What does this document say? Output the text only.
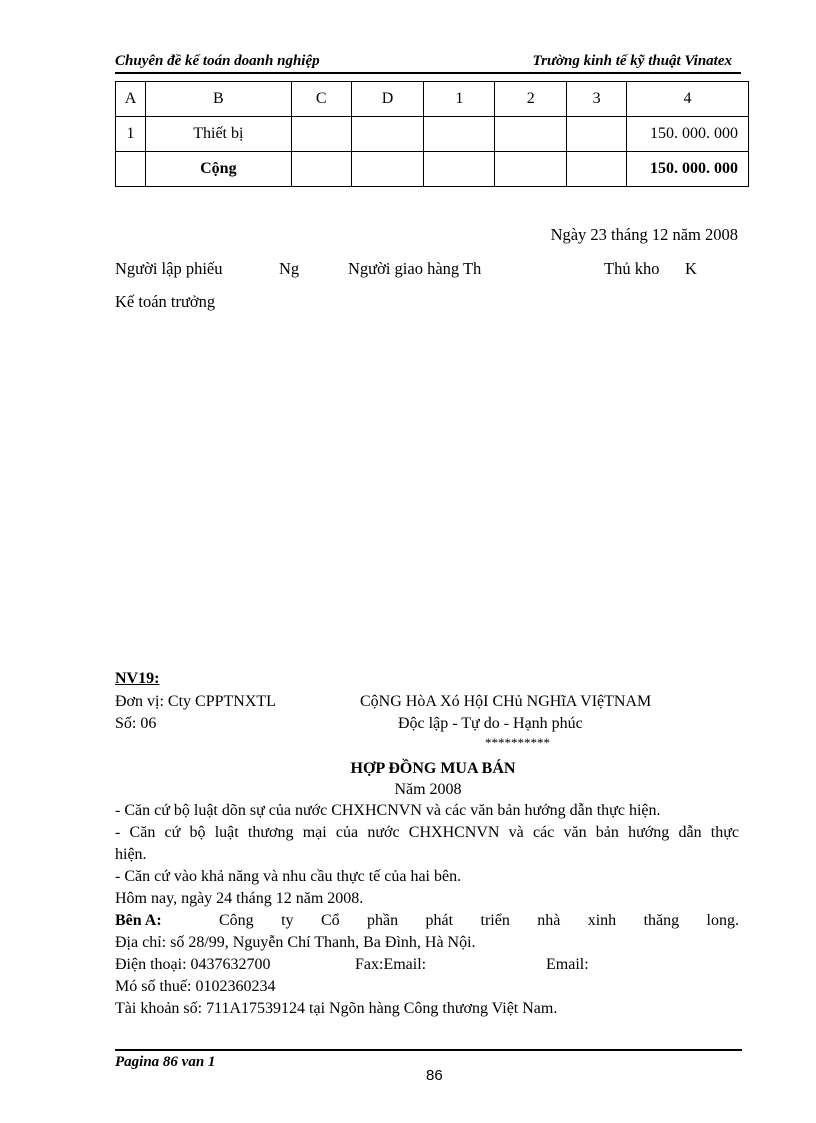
Chuyên đề kế toán doanh nghiệp	Trường kinh tế kỹ thuật Vinatex
A	B	C	D	1	2	3	4
1	Thiết bị						150. 000. 000
	Cộng						150. 000. 000
Ngày 23 tháng 12 năm 2008
Người lập phiếu	Ng	Người giao hàng Th	Thủ kho K
Kế toán trưởng
NV19:
Đơn vị: Cty CPPTNXTL	CộNG HòA Xó HộI CHủ NGHĩA VIệTNAM
Số: 06	Độc lập - Tự do - Hạnh phúc
**********
HỢP ĐỒNG MUA BÁN
Năm 2008
- Căn cứ bộ luật dõn sự của nước CHXHCNVN và các văn bản hướng dẫn thực hiện.
- Căn cứ bộ luật thương mại của nước CHXHCNVN và các văn bản hướng dẫn thực
hiện.
- Căn cứ vào khả năng và nhu cầu thực tế của hai bên.
Hôm nay, ngày 24 tháng 12 năm 2008.
Bên A:	Công ty Cổ phần phát triển nhà xinh thăng long.
Địa chỉ: số 28/99, Nguyễn Chí Thanh, Ba Đình, Hà Nội.
Điện thoại: 0437632700	Fax:Email:	Email:
Mó số thuế: 0102360234
Tài khoản số: 711A17539124 tại Ngõn hàng Công thương Việt Nam.
Pagina 86 van 1
86
